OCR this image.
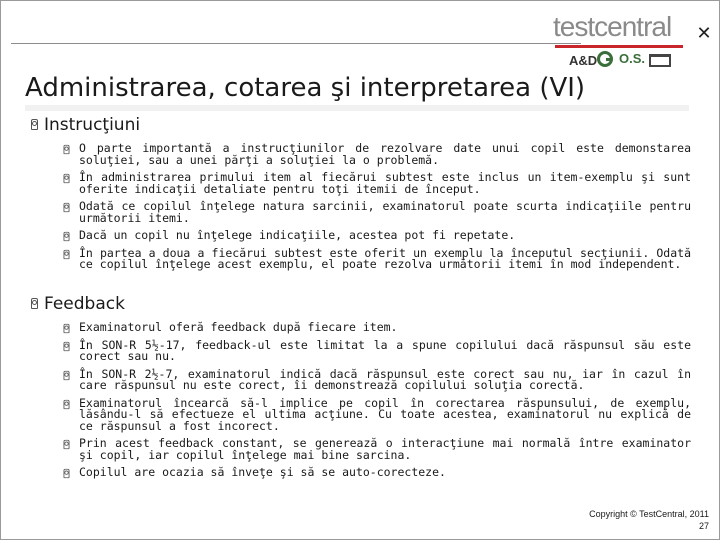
testcentral ✕
A&D O.S.
Administrarea, cotarea şi interpretarea (VI)
Instrucţiuni
O parte importantă a instrucţiunilor de rezolvare date unui copil este demonstarea soluţiei, sau a unei părţi a soluţiei la o problemă.
În administrarea primului item al fiecărui subtest este inclus un item-exemplu şi sunt oferite indicaţii detaliate pentru toţi itemii de început.
Odată ce copilul înţelege natura sarcinii, examinatorul poate scurta indicaţiile pentru următorii itemi.
Dacă un copil nu înţelege indicaţiile, acestea pot fi repetate.
În partea a doua a fiecărui subtest este oferit un exemplu la începutul secţiunii. Odată ce copilul înţelege acest exemplu, el poate rezolva următorii itemi în mod independent.
Feedback
Examinatorul oferă feedback după fiecare item.
În SON-R 5½-17, feedback-ul este limitat la a spune copilului dacă răspunsul său este corect sau nu.
În SON-R 2½-7, examinatorul indică dacă răspunsul este corect sau nu, iar în cazul în care răspunsul nu este corect, îi demonstrează copilului soluţia corectă.
Examinatorul încearcă să-l implice pe copil în corectarea răspunsului, de exemplu, lăsându-l să efectueze el ultima acţiune. Cu toate acestea, examinatorul nu explică de ce răspunsul a fost incorect.
Prin acest feedback constant, se generează o interacţiune mai normală între examinator şi copil, iar copilul înţelege mai bine sarcina.
Copilul are ocazia să înveţe şi să se auto-corecteze.
Copyright © TestCentral, 2011
27
